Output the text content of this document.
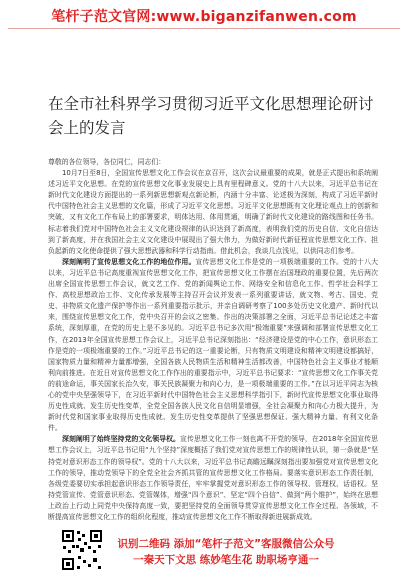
笔杆子范文官网:www.biganzifanwen.com
在全市社科界学习贯彻习近平文化思想理论研讨会上的发言

尊敬的各位领导，各位同仁，同志们：

10月7日至8日，全国宣传思想文化工作会议在京召开，这次会议最重要的成果，就是正式提出和系统阐述习近平文化思想。在党的宣传思想文化事业发展史上具有里程碑意义。党的十八大以来，习近平总书记在新时代文化建设方面提出的一系列新思想新观点新论断，内涵十分丰富、论述极为深刻，构成了习近平新时代中国特色社会主义思想的文化篇，形成了习近平文化思想。习近平文化思想既有文化理论观点上的创新和突破，又有文化工作布局上的部署要求，明体达用、体用贯通，明确了新时代文化建设的路线图和任务书。标志着我们党对中国特色社会主义文化建设规律的认识达到了新高度，表明我们党的历史自信、文化自信达到了新高度，并在我国社会主义文化建设中展现出了强大伟力，为做好新时代新征程宣传思想文化工作、担负起新的文化使命提供了强大思想武器和科学行动指南。借此机会，我谈几点浅见，以供同志们参考。

深刻阐明了宣传思想文化工作的地位作用。宣传思想文化工作是党的一项极端重要的工作。党的十八大以来，习近平总书记高度重视宣传思想文化工作，把宣传思想文化工作摆在治国理政的重要位置，先后两次出席全国宣传思想工作会议，就文艺工作、党的新闻舆论工作、网络安全和信息化工作、哲学社会科学工作、高校思想政治工作、文化传承发展等主持召开会议并发表一系列重要讲话，就文物、考古、国史、党史、非物质文化遗产保护等作出一系列重要指示批示，并亲自调研考察了100多处历史文化遗产、新时代以来，围绕宣传思想文化工作，党中央召开的会议之密集、作出的决策部署之全面，习近平总书记论述之丰富系统，深刻厚重，在党的历史上是不多见的。习近平总书记多次用“极端重要”来强调和部署宣传思想文化工作，在2013年全国宣传思想工作会议上，习近平总书记深刻指出：“经济建设是党的中心工作，意识形态工作是党的一项极端重要的工作。”习近平总书记的这一重要论断，只有物质文明建设和精神文明建设都搞好，国家物质力量和精神力量都增强，全国各族人民物质生活和精神生活都改善，中国特色社会主义事业才能顺利向前推进。在近日对宣传思想文化工作作出的重要指示中，习近平总书记要求：“宣传思想文化工作事关党的前途命运，事关国家长治久安，事关民族凝聚力和向心力，是一项极端重要的工作。”在以习近平同志为核心的党中央坚强领导下，在习近平新时代中国特色社会主义思想科学指引下，新时代宣传思想文化事业取得历史性成就、发生历史性变革，全党全国各族人民文化自信明显增强，全社会凝聚力和向心力极大提升，为新时代党和国家事业取得历史性成就、发生历史性变革提供了坚强思想保证、强大精神力量、有利文化条件。

深刻阐明了始终坚持党的文化领导权。宣传思想文化工作一刻也离不开党的领导，在2018年全国宣传思想工作会议上，习近平总书记用“九个坚持”深度概括了我们党对宣传思想工作的规律性认识，第一条就是“坚持党对意识形态工作的领导权”。党的十八大以来，习近平总书记高瞻远瞩深刻指出要加强党对宣传思想文化工作的领导，推动党领导下的全党全社会齐抓共管的宣传思想文化工作格局。要落实意识形态工作责任制，各级党委要切实承担起意识形态工作领导责任，牢牢掌握党对意识形态工作的领导权、管理权、话语权。坚持党管宣传、党管意识形态、党管媒体，增强“四个意识”、坚定“四个自信”、做到“两个维护”，始终在思想上政治上行动上同党中央保持高度一致，要把坚持党的全面领导贯穿宣传思想文化工作全过程、各领域，不断提高宣传思想文化工作的组织化程度，推动宣传思想文化工作不断取得新进展新成效。

识别二维码 添加“笔杆子范文”客服微信公众号
一秦天下文思 练妙笔生花 助职场亨通一
